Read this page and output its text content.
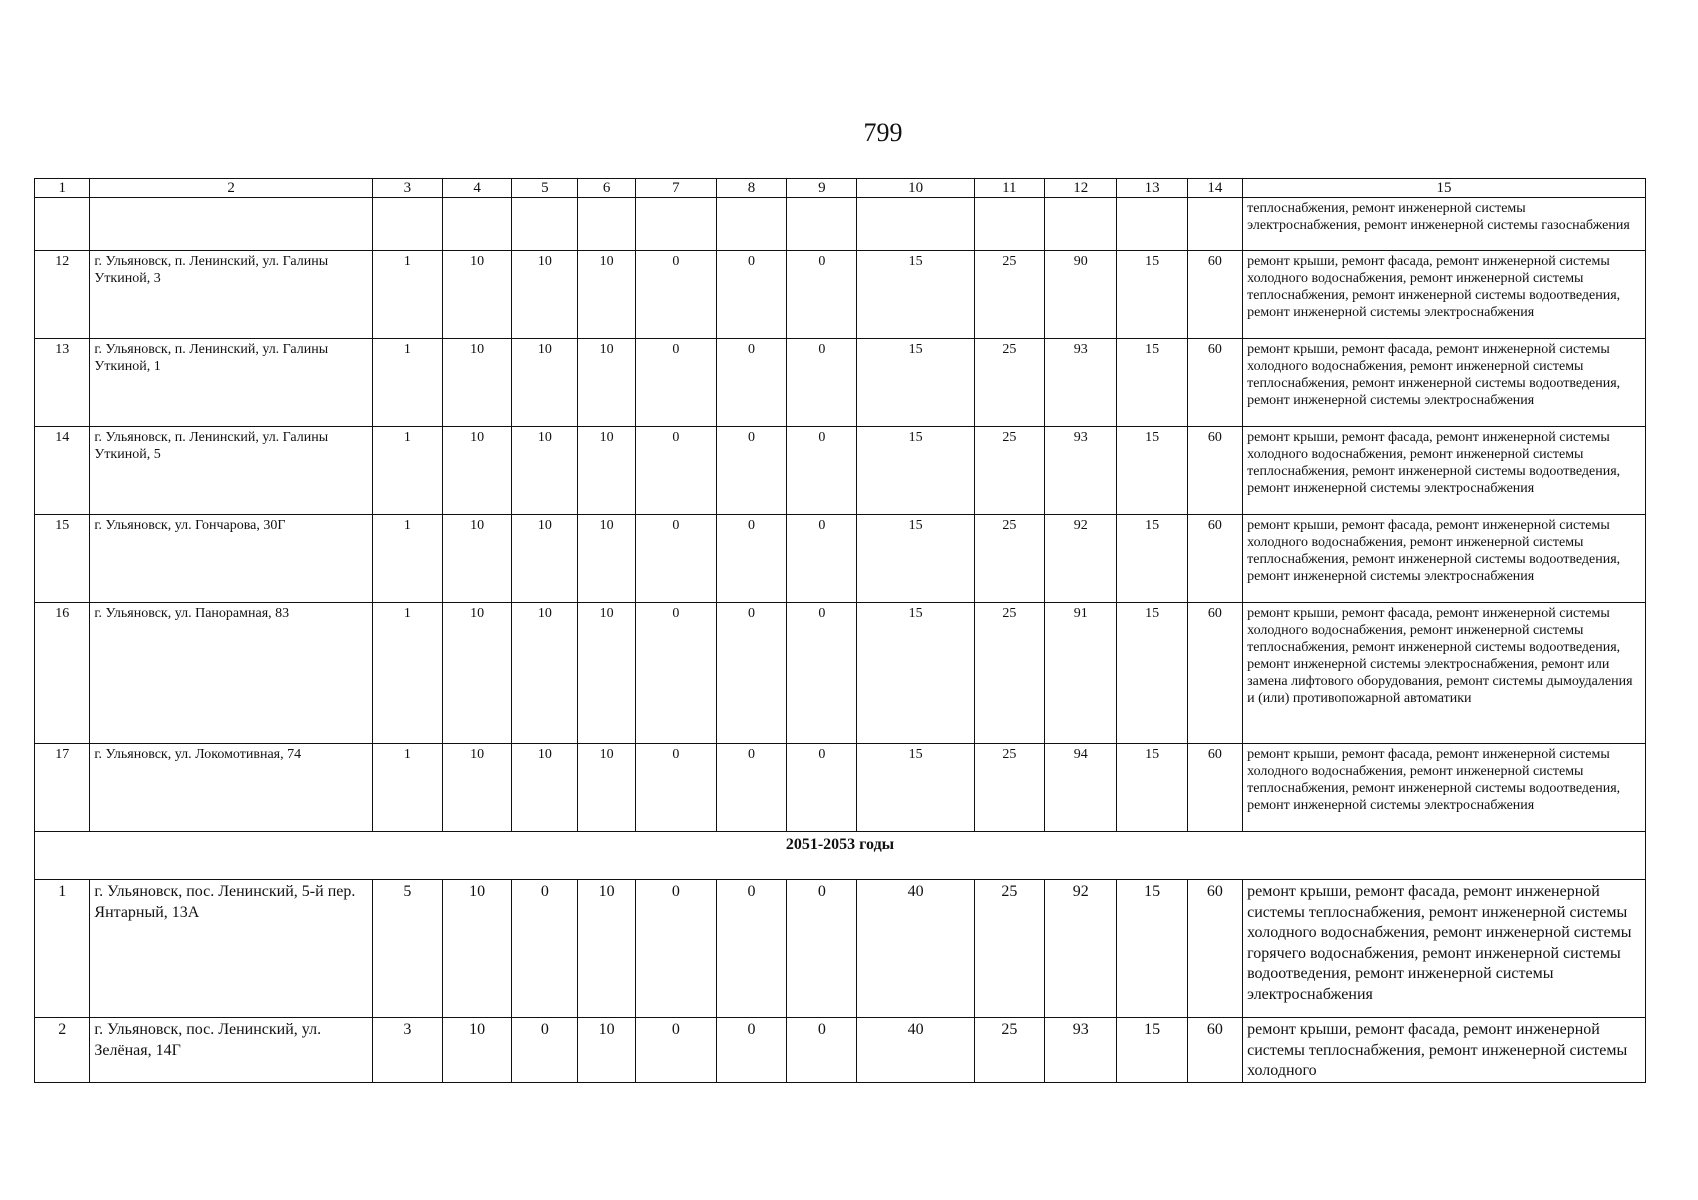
799
1	2	3	4	5	6	7	8	9	10	11	12	13	14	15
														теплоснабжения, ремонт инженерной системы электроснабжения, ремонт инженерной системы газоснабжения
12	г. Ульяновск, п. Ленинский, ул. Галины Уткиной, 3	1	10	10	10	0	0	0	15	25	90	15	60	ремонт крыши, ремонт фасада, ремонт инженерной системы холодного водоснабжения, ремонт инженерной системы теплоснабжения, ремонт инженерной системы водоотведения, ремонт инженерной системы электроснабжения
13	г. Ульяновск, п. Ленинский, ул. Галины Уткиной, 1	1	10	10	10	0	0	0	15	25	93	15	60	ремонт крыши, ремонт фасада, ремонт инженерной системы холодного водоснабжения, ремонт инженерной системы теплоснабжения, ремонт инженерной системы водоотведения, ремонт инженерной системы электроснабжения
14	г. Ульяновск, п. Ленинский, ул. Галины Уткиной, 5	1	10	10	10	0	0	0	15	25	93	15	60	ремонт крыши, ремонт фасада, ремонт инженерной системы холодного водоснабжения, ремонт инженерной системы теплоснабжения, ремонт инженерной системы водоотведения, ремонт инженерной системы электроснабжения
15	г. Ульяновск, ул. Гончарова, 30Г	1	10	10	10	0	0	0	15	25	92	15	60	ремонт крыши, ремонт фасада, ремонт инженерной системы холодного водоснабжения, ремонт инженерной системы теплоснабжения, ремонт инженерной системы водоотведения, ремонт инженерной системы электроснабжения
16	г. Ульяновск, ул. Панорамная, 83	1	10	10	10	0	0	0	15	25	91	15	60	ремонт крыши, ремонт фасада, ремонт инженерной системы холодного водоснабжения, ремонт инженерной системы теплоснабжения, ремонт инженерной системы водоотведения, ремонт инженерной системы электроснабжения, ремонт или замена лифтового оборудования, ремонт системы дымоудаления и (или) противопожарной автоматики
17	г. Ульяновск, ул. Локомотивная, 74	1	10	10	10	0	0	0	15	25	94	15	60	ремонт крыши, ремонт фасада, ремонт инженерной системы холодного водоснабжения, ремонт инженерной системы теплоснабжения, ремонт инженерной системы водоотведения, ремонт инженерной системы электроснабжения
2051-2053 годы														
1	г. Ульяновск, пос. Ленинский, 5-й пер. Янтарный, 13А	5	10	0	10	0	0	0	40	25	92	15	60	ремонт крыши, ремонт фасада, ремонт инженерной системы теплоснабжения, ремонт инженерной системы холодного водоснабжения, ремонт инженерной системы горячего водоснабжения, ремонт инженерной системы водоотведения, ремонт инженерной системы электроснабжения
2	г. Ульяновск, пос. Ленинский, ул. Зелёная, 14Г	3	10	0	10	0	0	0	40	25	93	15	60	ремонт крыши, ремонт фасада, ремонт инженерной системы теплоснабжения, ремонт инженерной системы холодного
